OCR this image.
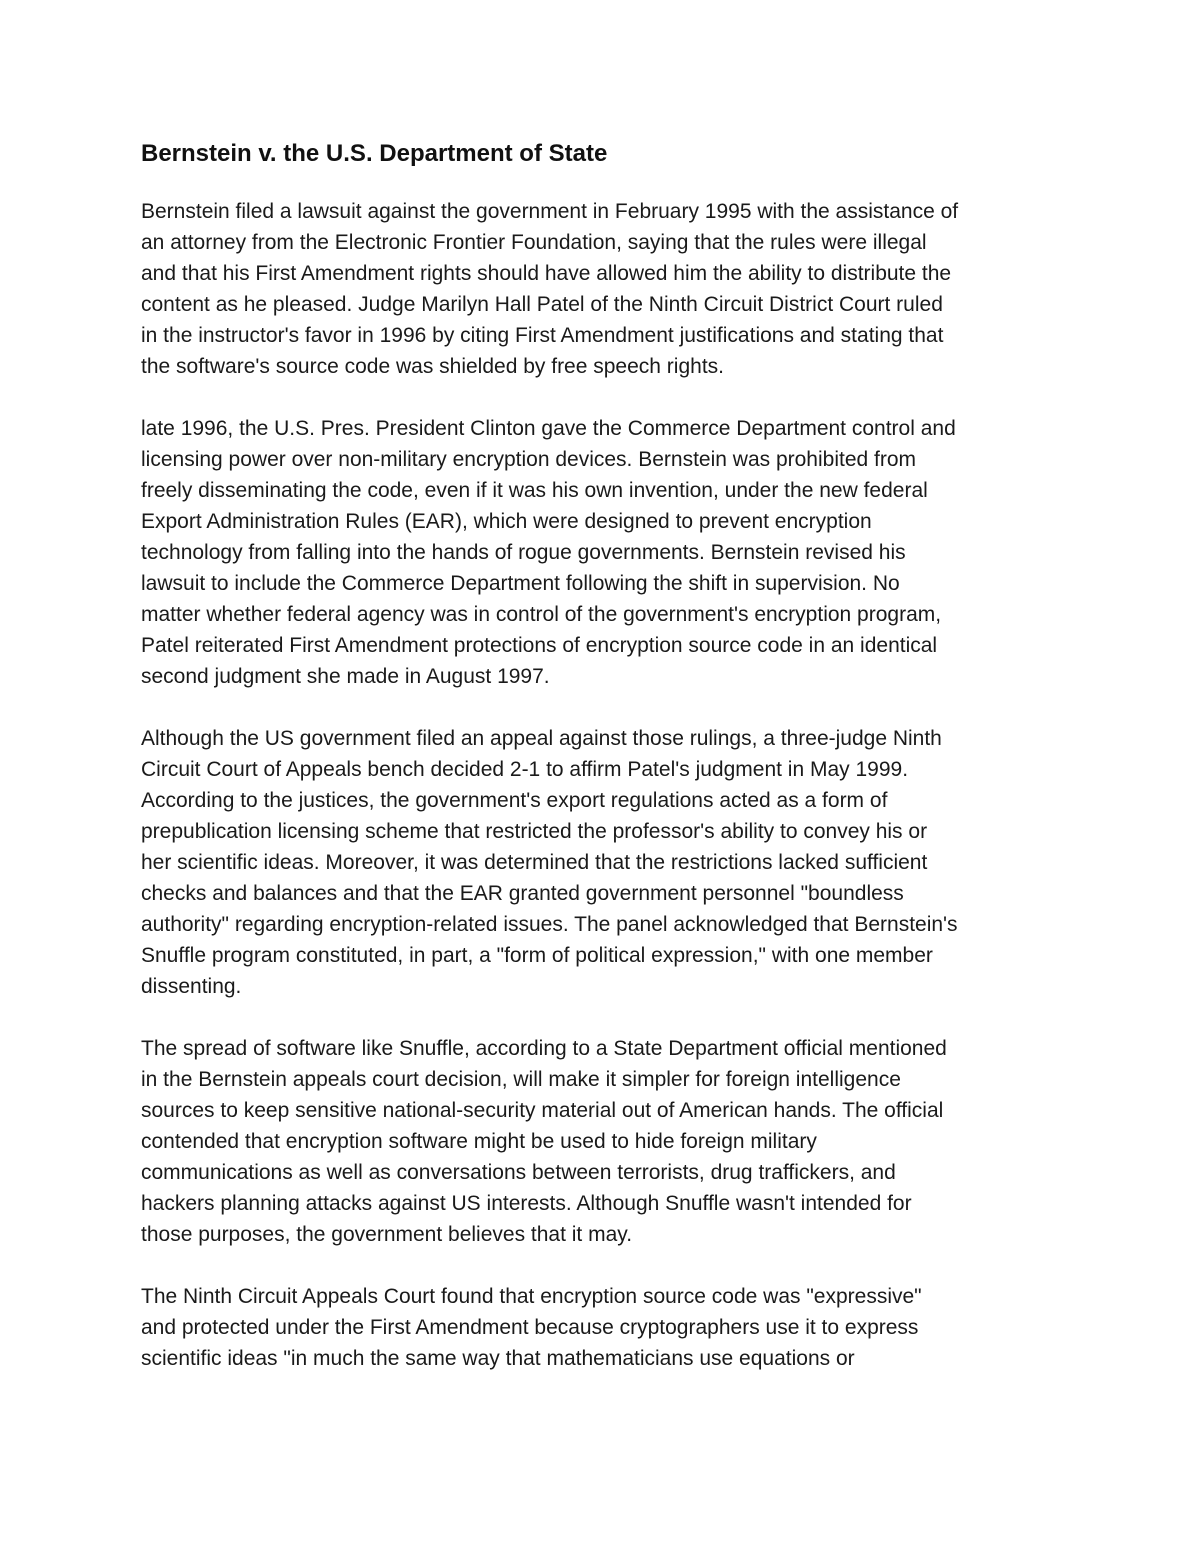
Bernstein v. the U.S. Department of State
Bernstein filed a lawsuit against the government in February 1995 with the assistance of
an attorney from the Electronic Frontier Foundation, saying that the rules were illegal
and that his First Amendment rights should have allowed him the ability to distribute the
content as he pleased. Judge Marilyn Hall Patel of the Ninth Circuit District Court ruled
in the instructor's favor in 1996 by citing First Amendment justifications and stating that
the software's source code was shielded by free speech rights.
late 1996, the U.S. Pres. President Clinton gave the Commerce Department control and
licensing power over non-military encryption devices. Bernstein was prohibited from
freely disseminating the code, even if it was his own invention, under the new federal
Export Administration Rules (EAR), which were designed to prevent encryption
technology from falling into the hands of rogue governments. Bernstein revised his
lawsuit to include the Commerce Department following the shift in supervision. No
matter whether federal agency was in control of the government's encryption program,
Patel reiterated First Amendment protections of encryption source code in an identical
second judgment she made in August 1997.
Although the US government filed an appeal against those rulings, a three-judge Ninth
Circuit Court of Appeals bench decided 2-1 to affirm Patel's judgment in May 1999.
According to the justices, the government's export regulations acted as a form of
prepublication licensing scheme that restricted the professor's ability to convey his or
her scientific ideas. Moreover, it was determined that the restrictions lacked sufficient
checks and balances and that the EAR granted government personnel "boundless
authority" regarding encryption-related issues. The panel acknowledged that Bernstein's
Snuffle program constituted, in part, a "form of political expression," with one member
dissenting.
The spread of software like Snuffle, according to a State Department official mentioned
in the Bernstein appeals court decision, will make it simpler for foreign intelligence
sources to keep sensitive national-security material out of American hands. The official
contended that encryption software might be used to hide foreign military
communications as well as conversations between terrorists, drug traffickers, and
hackers planning attacks against US interests. Although Snuffle wasn't intended for
those purposes, the government believes that it may.
The Ninth Circuit Appeals Court found that encryption source code was "expressive"
and protected under the First Amendment because cryptographers use it to express
scientific ideas "in much the same way that mathematicians use equations or
